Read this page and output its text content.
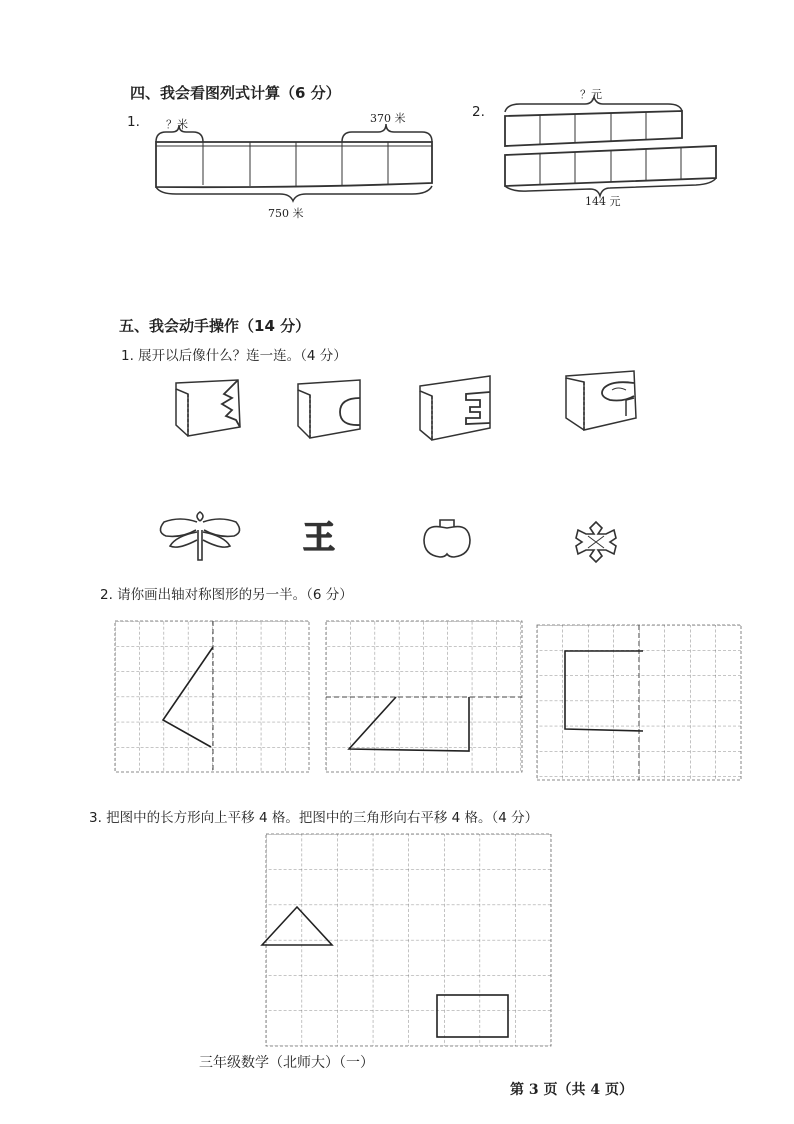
四、我会看图列式计算（6 分）
1. ？米	370 米
750 米
2.
？元
144 元
五、我会动手操作（14 分）
1. 展开以后像什么？连一连。（4 分）
王
2. 请你画出轴对称图形的另一半。（6 分）
3. 把图中的长方形向上平移 4 格。把图中的三角形向右平移 4 格。（4 分）
三年级数学（北师大）（一）
第 3 页（共 4 页）
